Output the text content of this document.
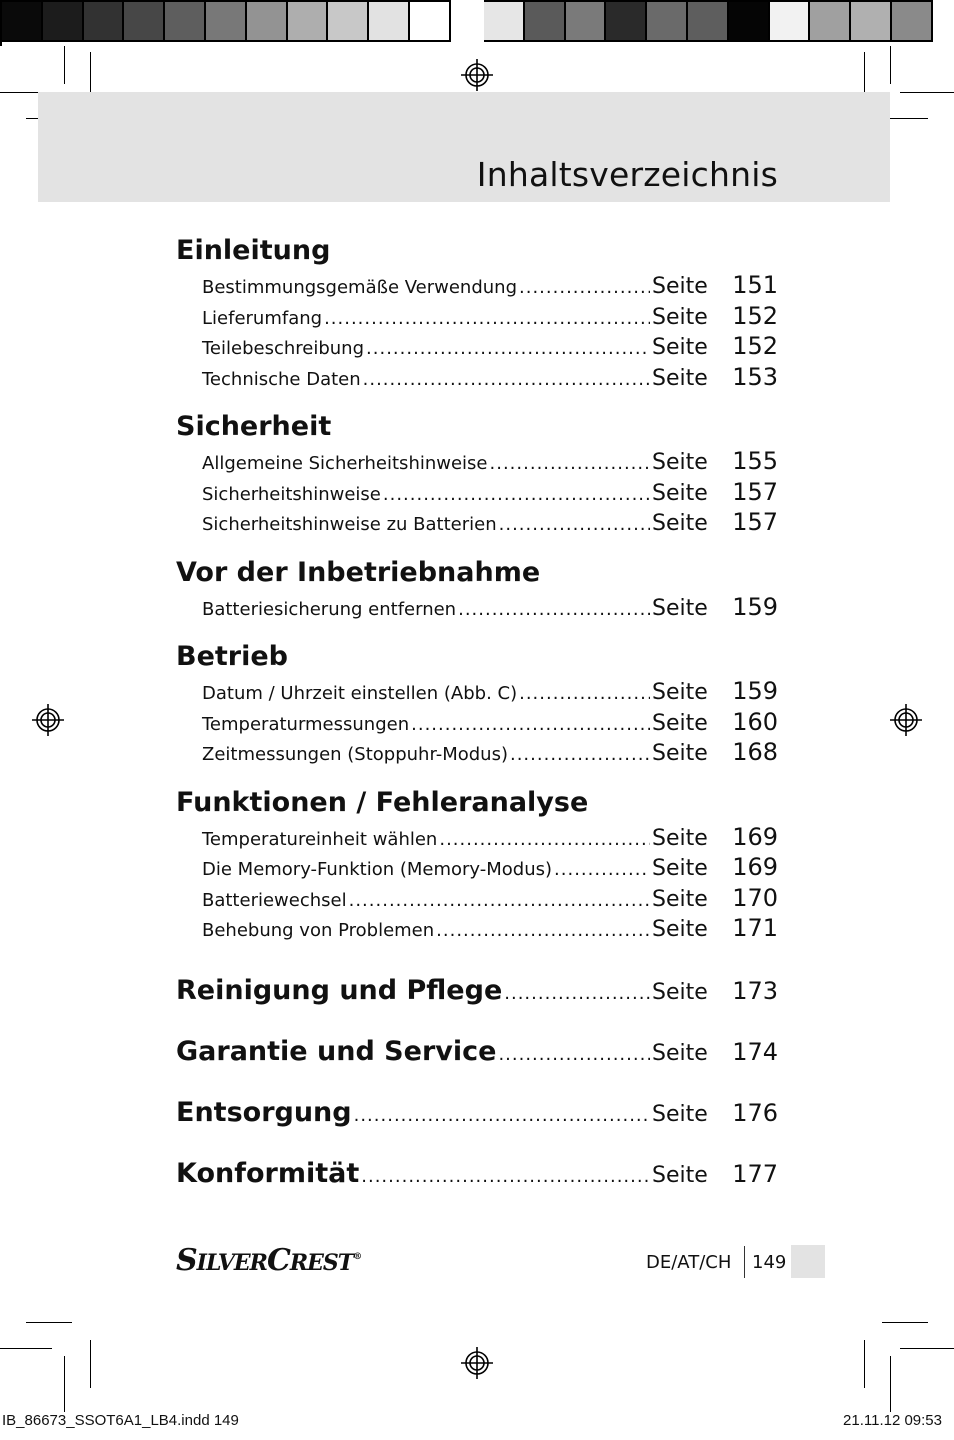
Inhaltsverzeichnis
Einleitung
Bestimmungsgemäße Verwendung .....	Seite	151
Lieferumfang .....	Seite	152
Teilebeschreibung .....	Seite	152
Technische Daten .....	Seite	153
Sicherheit
Allgemeine Sicherheitshinweise .....	Seite	155
Sicherheitshinweise .....	Seite	157
Sicherheitshinweise zu Batterien .....	Seite	157
Vor der Inbetriebnahme
Batteriesicherung entfernen .....	Seite	159
Betrieb
Datum / Uhrzeit einstellen (Abb. C) .....	Seite	159
Temperaturmessungen .....	Seite	160
Zeitmessungen (Stoppuhr-Modus) .....	Seite	168
Funktionen / Fehleranalyse
Temperatureinheit wählen .....	Seite	169
Die Memory-Funktion (Memory-Modus) .....	Seite	169
Batteriewechsel .....	Seite	170
Behebung von Problemen .....	Seite	171
Reinigung und Pflege .....	Seite	173
Garantie und Service .....	Seite	174
Entsorgung .....	Seite	176
Konformität .....	Seite	177
SILVERCREST®	DE/AT/CH 149
IB_86673_SSOT6A1_LB4.indd 149	21.11.12 09:53
